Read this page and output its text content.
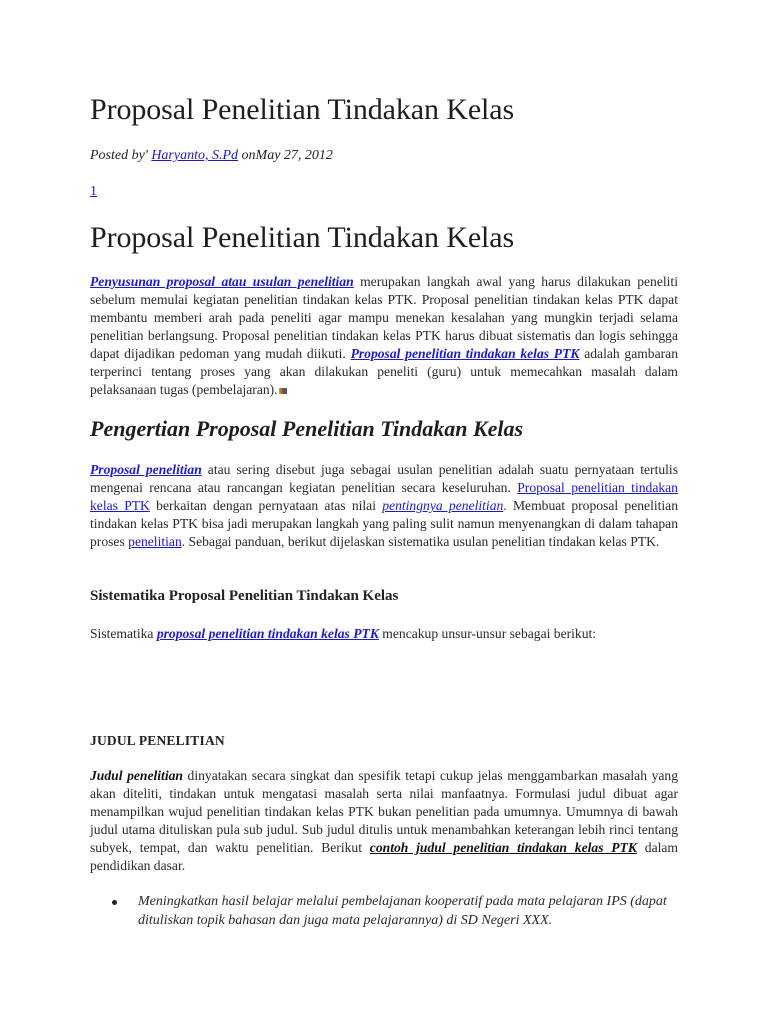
Proposal Penelitian Tindakan Kelas
Posted by' Haryanto, S.Pd onMay 27, 2012
1
Proposal Penelitian Tindakan Kelas

Penyusunan proposal atau usulan penelitian merupakan langkah awal yang harus dilakukan peneliti sebelum memulai kegiatan penelitian tindakan kelas PTK. Proposal penelitian tindakan kelas PTK dapat membantu memberi arah pada peneliti agar mampu menekan kesalahan yang mungkin terjadi selama penelitian berlangsung. Proposal penelitian tindakan kelas PTK harus dibuat sistematis dan logis sehingga dapat dijadikan pedoman yang mudah diikuti. Proposal penelitian tindakan kelas PTK adalah gambaran terperinci tentang proses yang akan dilakukan peneliti (guru) untuk memecahkan masalah dalam pelaksanaan tugas (pembelajaran).

Pengertian Proposal Penelitian Tindakan Kelas

Proposal penelitian atau sering disebut juga sebagai usulan penelitian adalah suatu pernyataan tertulis mengenai rencana atau rancangan kegiatan penelitian secara keseluruhan. Proposal penelitian tindakan kelas PTK berkaitan dengan pernyataan atas nilai pentingnya penelitian. Membuat proposal penelitian tindakan kelas PTK bisa jadi merupakan langkah yang paling sulit namun menyenangkan di dalam tahapan proses penelitian. Sebagai panduan, berikut dijelaskan sistematika usulan penelitian tindakan kelas PTK.

Sistematika Proposal Penelitian Tindakan Kelas

Sistematika proposal penelitian tindakan kelas PTK mencakup unsur-unsur sebagai berikut:

JUDUL PENELITIAN

Judul penelitian dinyatakan secara singkat dan spesifik tetapi cukup jelas menggambarkan masalah yang akan diteliti, tindakan untuk mengatasi masalah serta nilai manfaatnya. Formulasi judul dibuat agar menampilkan wujud penelitian tindakan kelas PTK bukan penelitian pada umumnya. Umumnya di bawah judul utama dituliskan pula sub judul. Sub judul ditulis untuk menambahkan keterangan lebih rinci tentang subyek, tempat, dan waktu penelitian. Berikut contoh judul penelitian tindakan kelas PTK dalam pendidikan dasar.

Meningkatkan hasil belajar melalui pembelajanan kooperatif pada mata pelajaran IPS (dapat dituliskan topik bahasan dan juga mata pelajarannya) di SD Negeri XXX.
